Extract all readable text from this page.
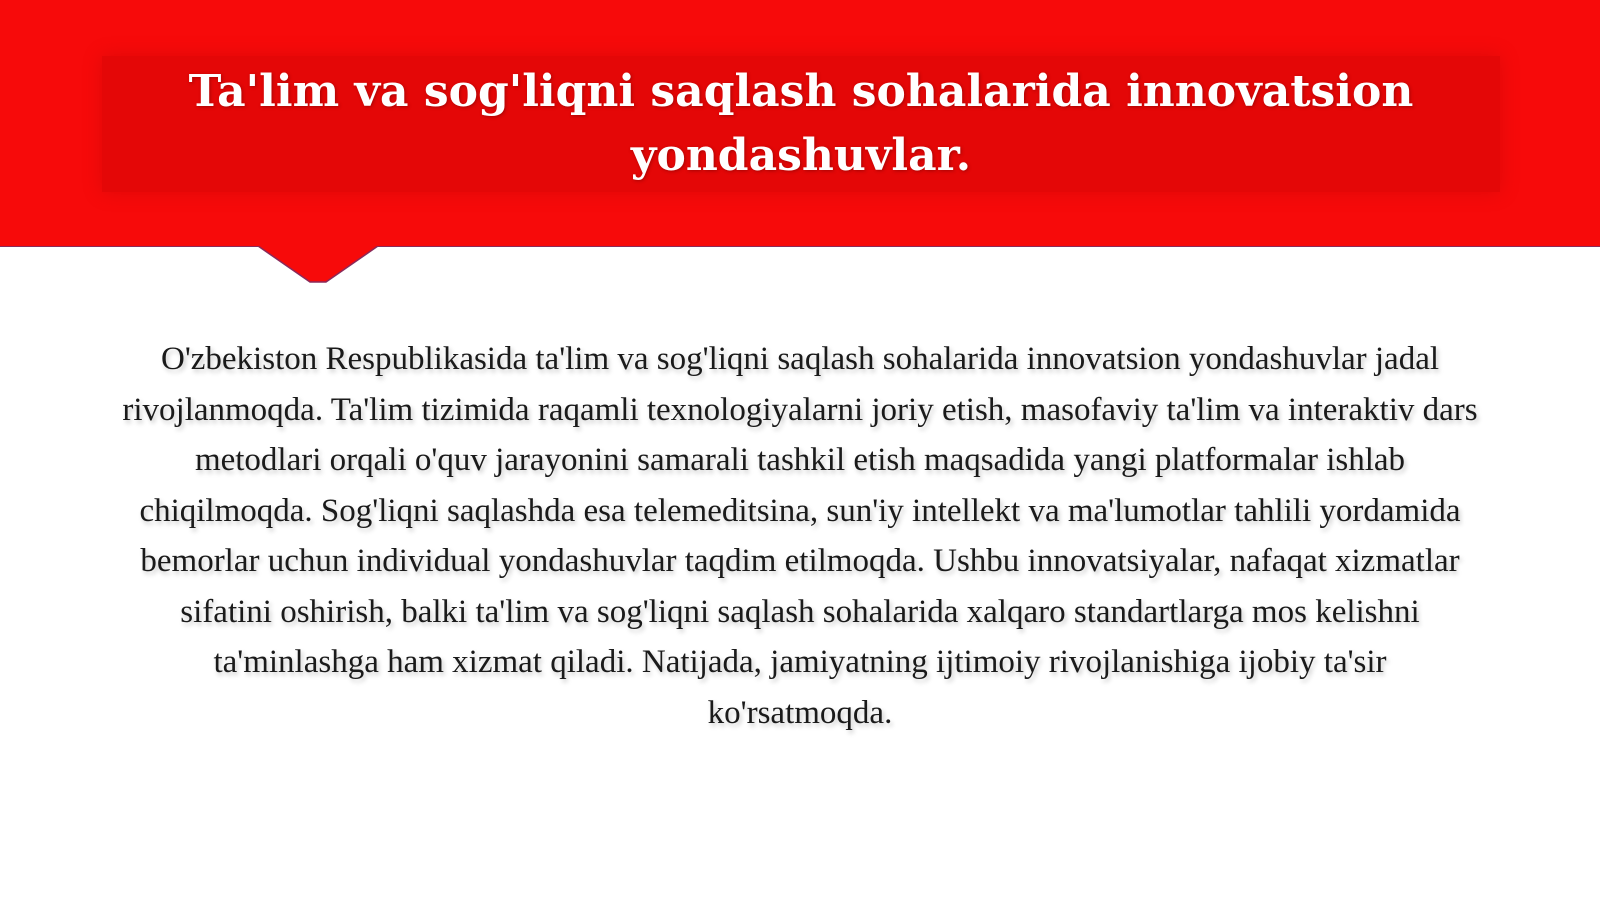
Ta'lim va sog'liqni saqlash sohalarida innovatsion yondashuvlar.

O'zbekiston Respublikasida ta'lim va sog'liqni saqlash sohalarida innovatsion yondashuvlar jadal rivojlanmoqda. Ta'lim tizimida raqamli texnologiyalarni joriy etish, masofaviy ta'lim va interaktiv dars metodlari orqali o'quv jarayonini samarali tashkil etish maqsadida yangi platformalar ishlab chiqilmoqda. Sog'liqni saqlashda esa telemeditsina, sun'iy intellekt va ma'lumotlar tahlili yordamida bemorlar uchun individual yondashuvlar taqdim etilmoqda. Ushbu innovatsiyalar, nafaqat xizmatlar sifatini oshirish, balki ta'lim va sog'liqni saqlash sohalarida xalqaro standartlarga mos kelishni ta'minlashga ham xizmat qiladi. Natijada, jamiyatning ijtimoiy rivojlanishiga ijobiy ta'sir ko'rsatmoqda.
